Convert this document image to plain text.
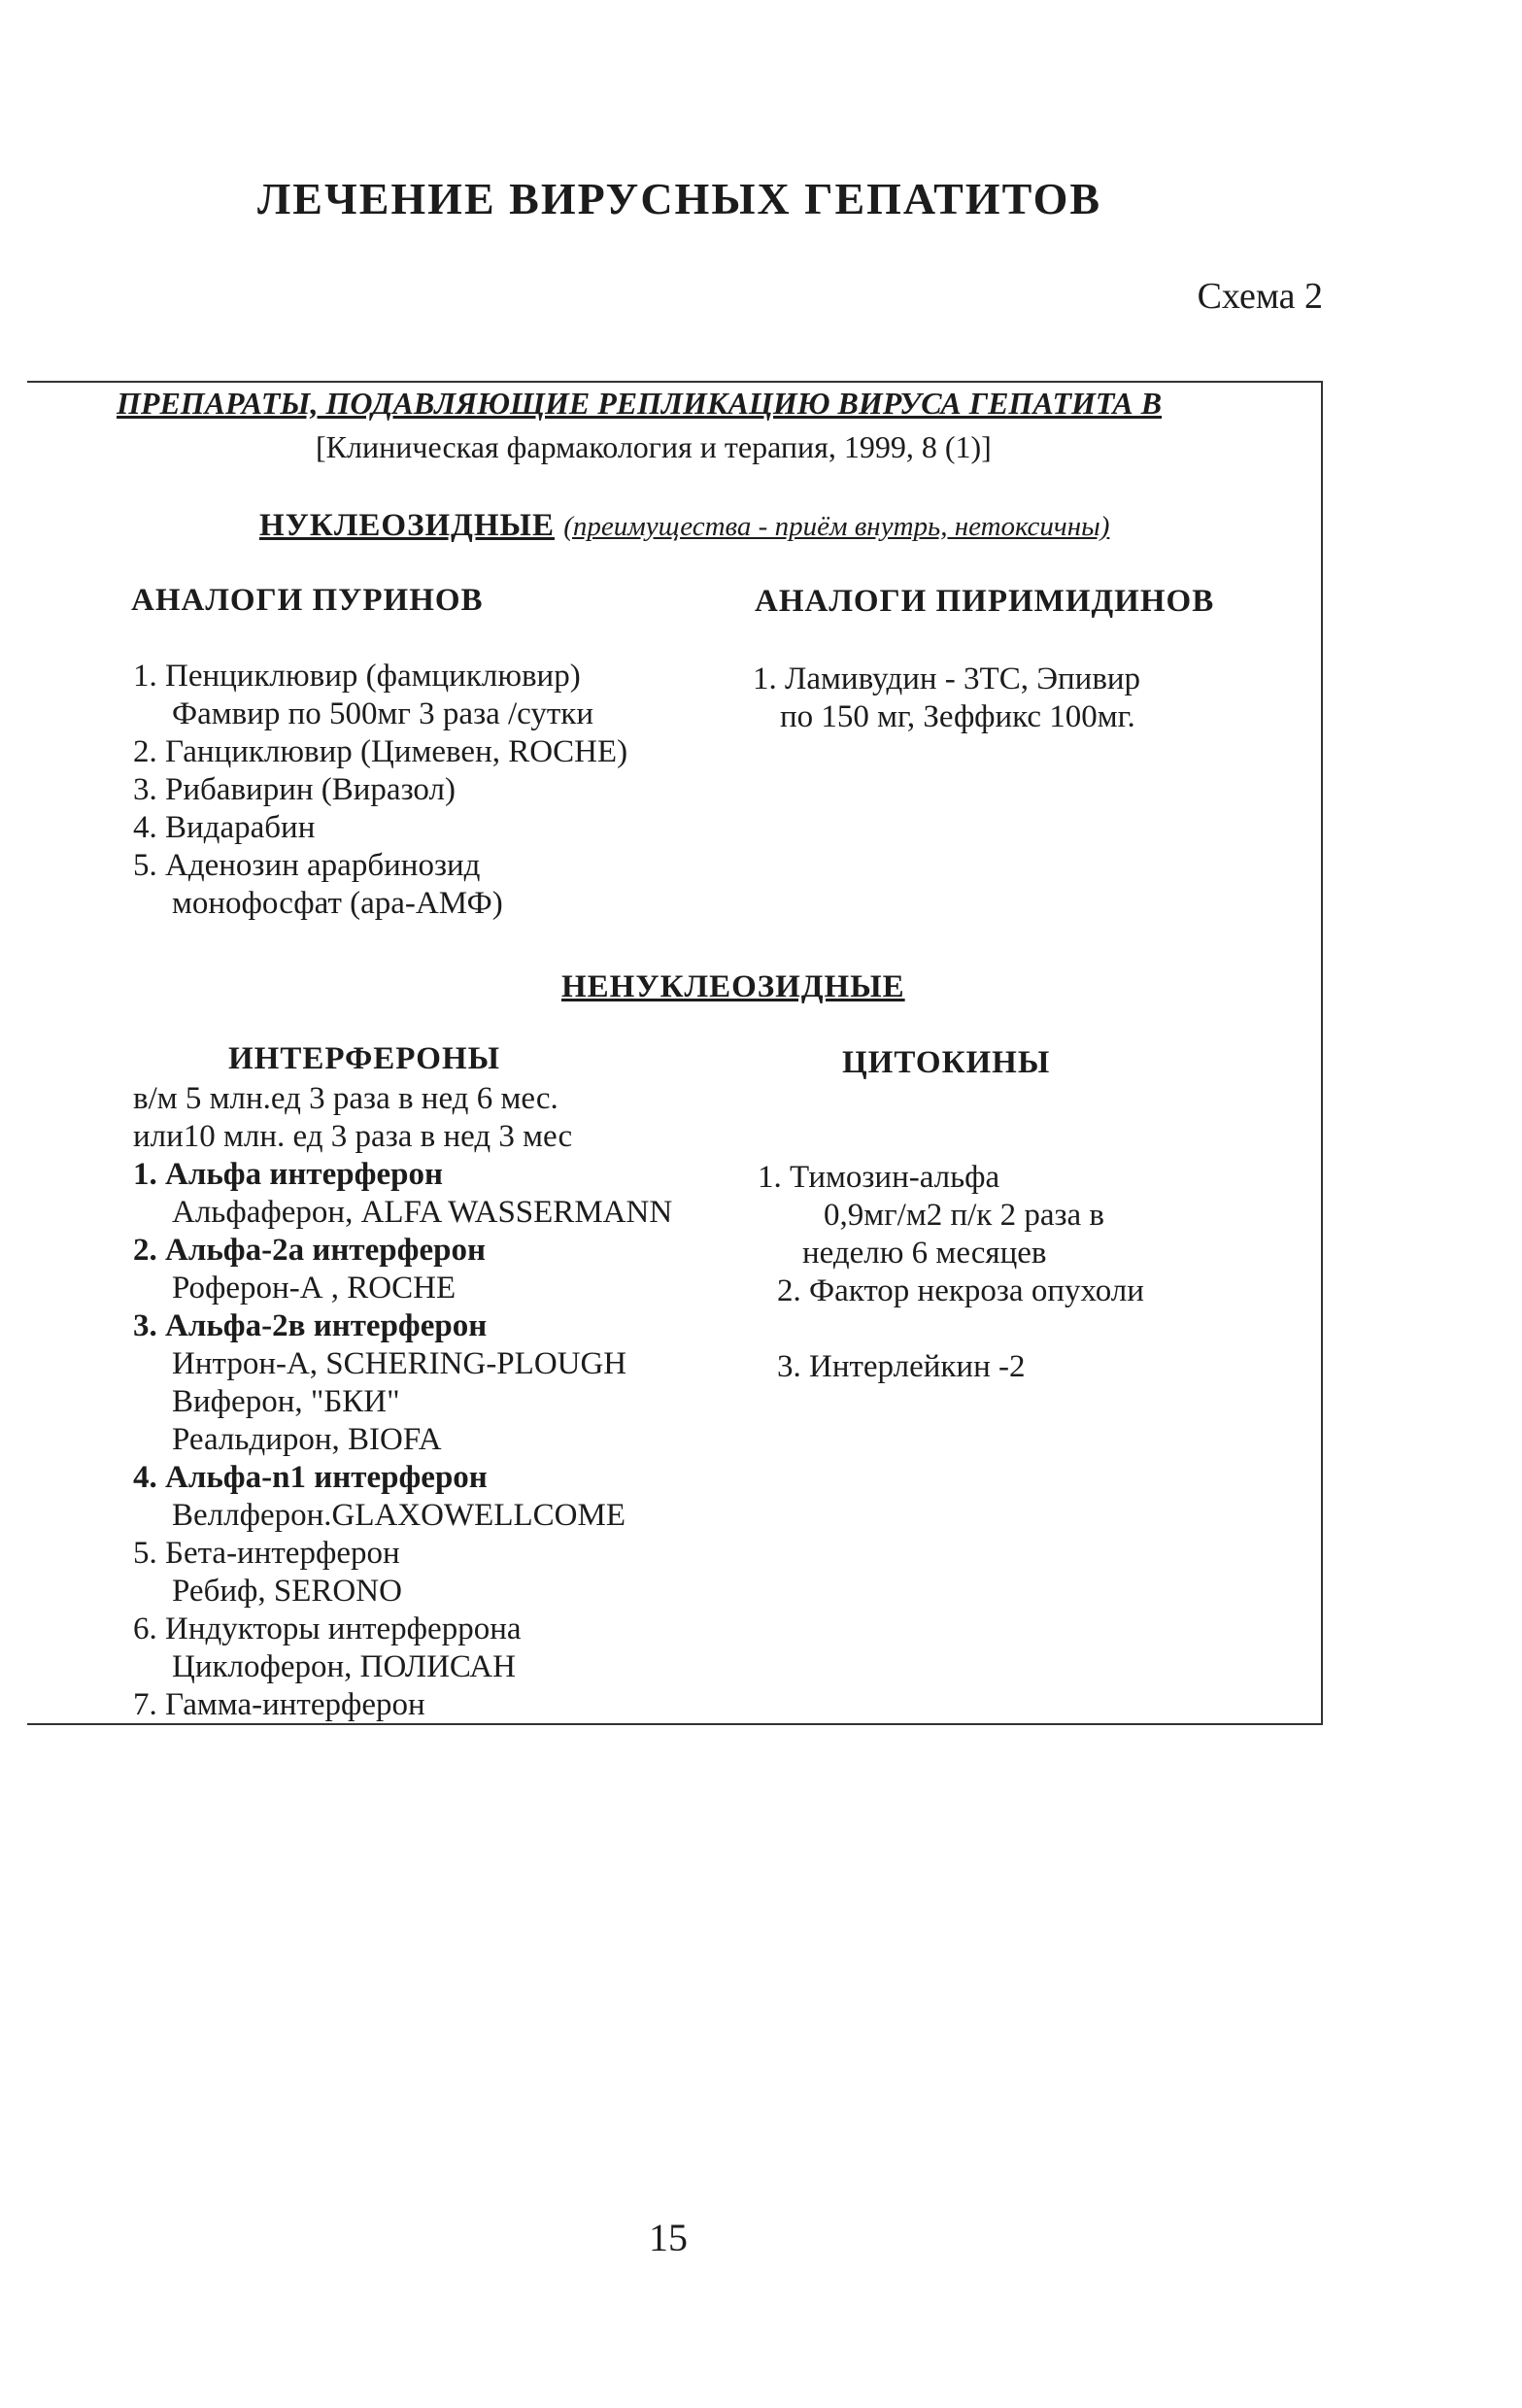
ЛЕЧЕНИЕ ВИРУСНЫХ ГЕПАТИТОВ
Схема 2
ПРЕПАРАТЫ, ПОДАВЛЯЮЩИЕ РЕПЛИКАЦИЮ ВИРУСА ГЕПАТИТА В
[Клиническая фармакология и терапия, 1999, 8 (1)]
НУКЛЕОЗИДНЫЕ (преимущества - приём внутрь, нетоксичны)
АНАЛОГИ ПУРИНОВ	АНАЛОГИ ПИРИМИДИНОВ
1. Пенциклювир (фамциклювир)
Фамвир по 500мг 3 раза /сутки
2. Ганциклювир (Цимевен, ROCHE)
3. Рибавирин (Виразол)
4. Видарабин
5. Аденозин арарбинозид
монофосфат (ара-АМФ)
1. Ламивудин - 3ТС, Эпивир
по 150 мг, Зеффикс 100мг.
НЕНУКЛЕОЗИДНЫЕ
ИНТЕРФЕРОНЫ	ЦИТОКИНЫ
в/м 5 млн.ед 3 раза в нед 6 мес.
или10 млн. ед 3 раза в нед 3 мес
1. Альфа интерферон
Альфаферон, ALFA WASSERMANN
2. Альфа-2а интерферон
Роферон-А , ROCHE
3. Альфа-2в интерферон
Интрон-А, SCHERING-PLOUGH
Виферон, "БКИ"
Реальдирон, BIOFA
4. Альфа-n1 интерферон
Веллферон.GLAXOWELLCOME
5. Бета-интерферон
Ребиф, SERONO
6. Индукторы интерферрона
Циклоферон, ПОЛИСАН
7. Гамма-интерферон
1. Тимозин-альфа
0,9мг/м2 п/к 2 раза в
неделю 6 месяцев
2. Фактор некроза опухоли
3. Интерлейкин -2
15
